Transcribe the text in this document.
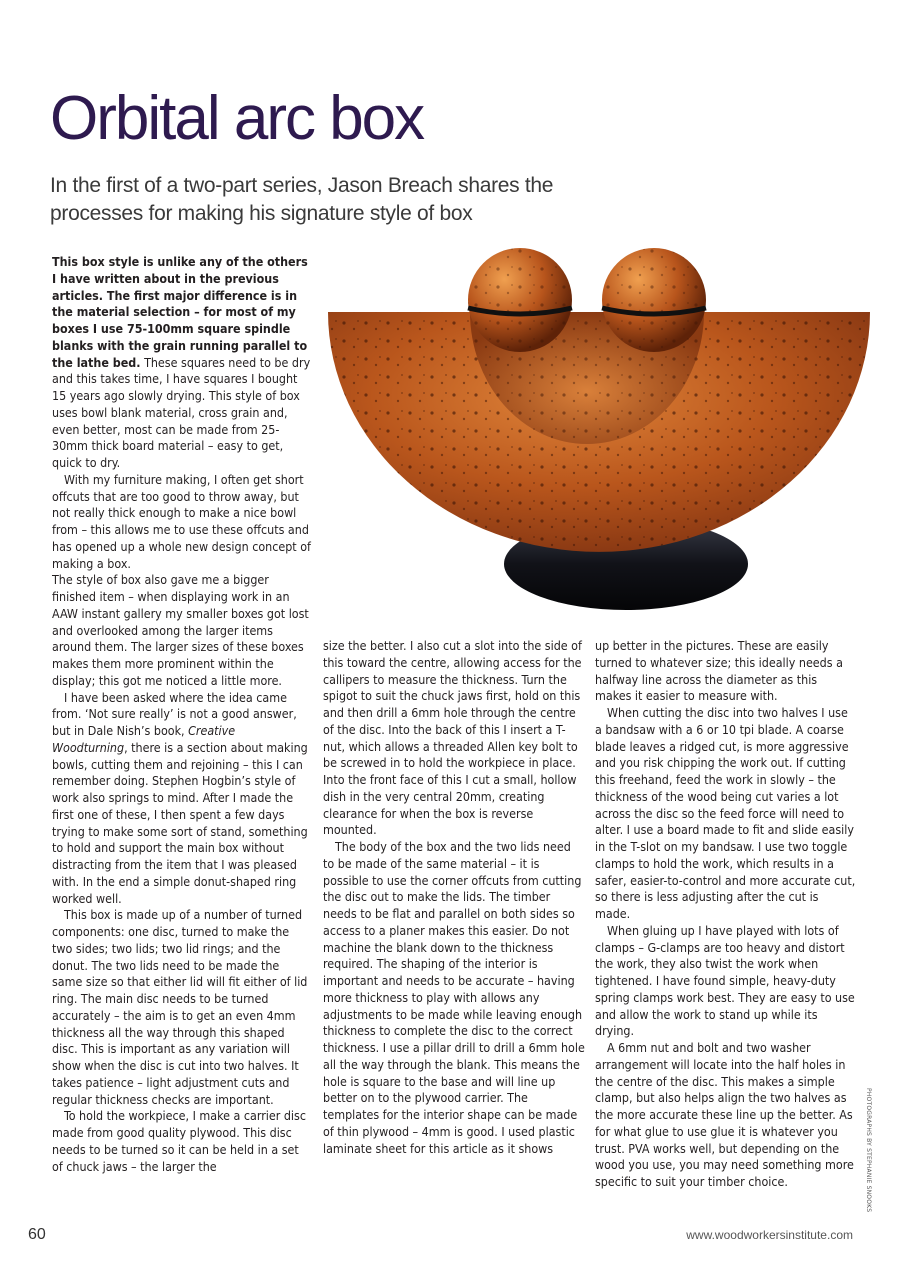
Orbital arc box
In the first of a two-part series, Jason Breach shares the processes for making his signature style of box

This box style is unlike any of the others I have written about in the previous articles. The first major difference is in the material selection – for most of my boxes I use 75-100mm square spindle blanks with the grain running parallel to the lathe bed. These squares need to be dry and this takes time, I have squares I bought 15 years ago slowly drying. This style of box uses bowl blank material, cross grain and, even better, most can be made from 25-30mm thick board material – easy to get, quick to dry.

With my furniture making, I often get short offcuts that are too good to throw away, but not really thick enough to make a nice bowl from – this allows me to use these offcuts and has opened up a whole new design concept of making a box.

The style of box also gave me a bigger finished item – when displaying work in an AAW instant gallery my smaller boxes got lost and overlooked among the larger items around them. The larger sizes of these boxes makes them more prominent within the display; this got me noticed a little more.

I have been asked where the idea came from. ‘Not sure really’ is not a good answer, but in Dale Nish’s book, Creative Woodturning, there is a section about making bowls, cutting them and rejoining – this I can remember doing. Stephen Hogbin’s style of work also springs to mind. After I made the first one of these, I then spent a few days trying to make some sort of stand, something to hold and support the main box without distracting from the item that I was pleased with. In the end a simple donut-shaped ring worked well.

This box is made up of a number of turned components: one disc, turned to make the two sides; two lids; two lid rings; and the donut. The two lids need to be made the same size so that either lid will fit either of lid ring. The main disc needs to be turned accurately – the aim is to get an even 4mm thickness all the way through this shaped disc. This is important as any variation will show when the disc is cut into two halves. It takes patience – light adjustment cuts and regular thickness checks are important.

To hold the workpiece, I make a carrier disc made from good quality plywood. This disc needs to be turned so it can be held in a set of chuck jaws – the larger the

size the better. I also cut a slot into the side of this toward the centre, allowing access for the callipers to measure the thickness. Turn the spigot to suit the chuck jaws first, hold on this and then drill a 6mm hole through the centre of the disc. Into the back of this I insert a T-nut, which allows a threaded Allen key bolt to be screwed in to hold the workpiece in place. Into the front face of this I cut a small, hollow dish in the very central 20mm, creating clearance for when the box is reverse mounted.

The body of the box and the two lids need to be made of the same material – it is possible to use the corner offcuts from cutting the disc out to make the lids. The timber needs to be flat and parallel on both sides so access to a planer makes this easier. Do not machine the blank down to the thickness required. The shaping of the interior is important and needs to be accurate – having more thickness to play with allows any adjustments to be made while leaving enough thickness to complete the disc to the correct thickness. I use a pillar drill to drill a 6mm hole all the way through the blank. This means the hole is square to the base and will line up better on to the plywood carrier. The templates for the interior shape can be made of thin plywood – 4mm is good. I used plastic laminate sheet for this article as it shows

up better in the pictures. These are easily turned to whatever size; this ideally needs a halfway line across the diameter as this makes it easier to measure with.

When cutting the disc into two halves I use a bandsaw with a 6 or 10 tpi blade. A coarse blade leaves a ridged cut, is more aggressive and you risk chipping the work out. If cutting this freehand, feed the work in slowly – the thickness of the wood being cut varies a lot across the disc so the feed force will need to alter. I use a board made to fit and slide easily in the T-slot on my bandsaw. I use two toggle clamps to hold the work, which results in a safer, easier-to-control and more accurate cut, so there is less adjusting after the cut is made.

When gluing up I have played with lots of clamps – G-clamps are too heavy and distort the work, they also twist the work when tightened. I have found simple, heavy-duty spring clamps work best. They are easy to use and allow the work to stand up while its drying.

A 6mm nut and bolt and two washer arrangement will locate into the half holes in the centre of the disc. This makes a simple clamp, but also helps align the two halves as the more accurate these line up the better. As for what glue to use glue it is whatever you trust. PVA works well, but depending on the wood you use, you may need something more specific to suit your timber choice.	PHOTOGRAPHS BY STEPHANIE SNOOKS
60	www.woodworkersinstitute.com
